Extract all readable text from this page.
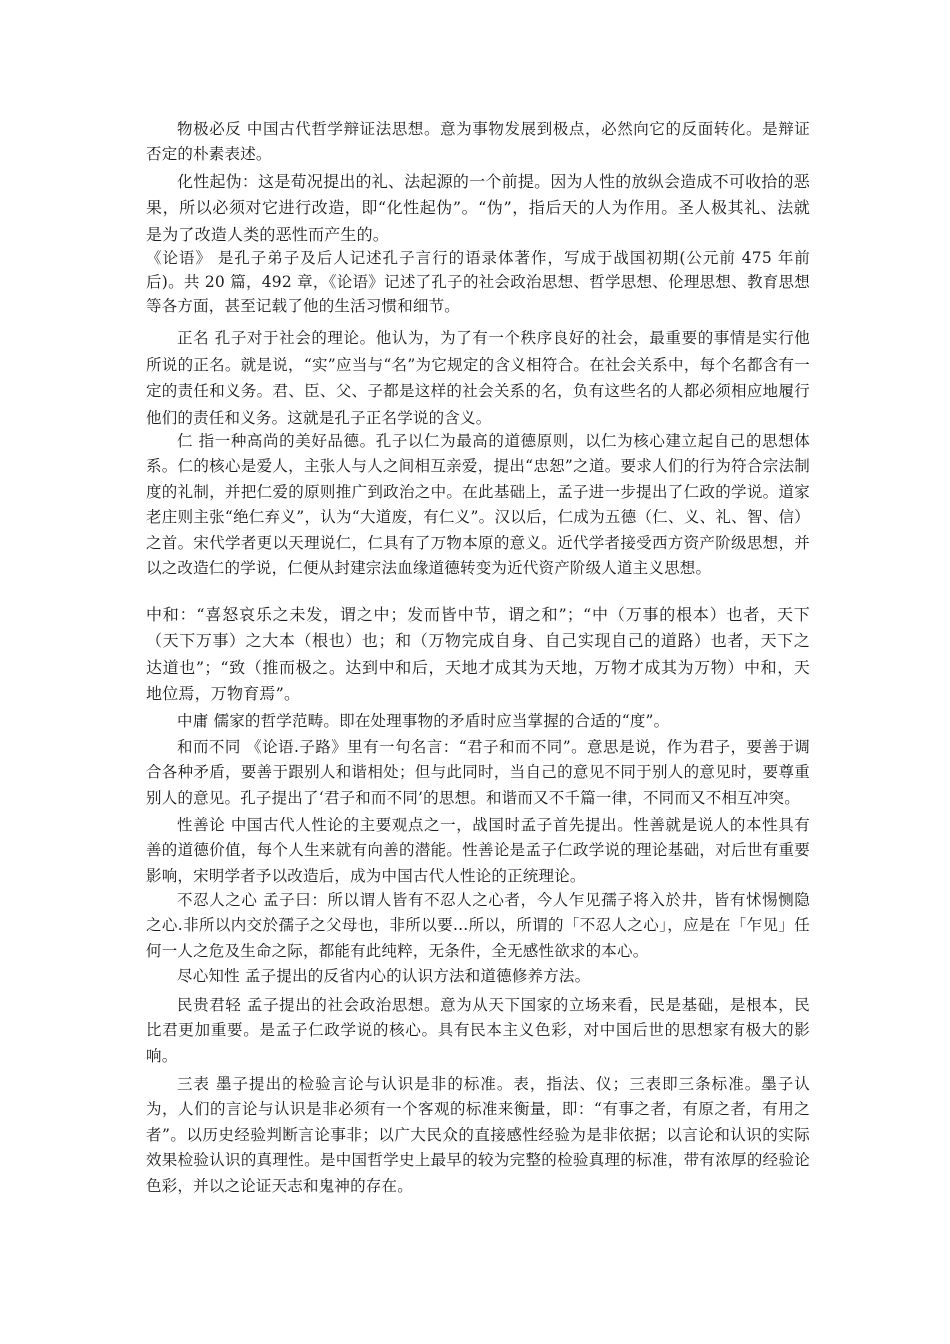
物极必反 中国古代哲学辩证法思想。意为事物发展到极点，必然向它的反面转化。是辩证否定的朴素表述。

化性起伪：这是荀况提出的礼、法起源的一个前提。因为人性的放纵会造成不可收拾的恶果，所以必须对它进行改造，即“化性起伪”。“伪”，指后天的人为作用。圣人极其礼、法就是为了改造人类的恶性而产生的。

《论语》 是孔子弟子及后人记述孔子言行的语录体著作，写成于战国初期(公元前 475 年前后)。共 20 篇，492 章，《论语》记述了孔子的社会政治思想、哲学思想、伦理思想、教育思想等各方面，甚至记载了他的生活习惯和细节。

正名 孔子对于社会的理论。他认为，为了有一个秩序良好的社会，最重要的事情是实行他所说的正名。就是说，“实”应当与“名”为它规定的含义相符合。在社会关系中，每个名都含有一定的责任和义务。君、臣、父、子都是这样的社会关系的名，负有这些名的人都必须相应地履行他们的责任和义务。这就是孔子正名学说的含义。

仁 指一种高尚的美好品德。孔子以仁为最高的道德原则，以仁为核心建立起自己的思想体系。仁的核心是爱人，主张人与人之间相互亲爱，提出“忠恕”之道。要求人们的行为符合宗法制度的礼制，并把仁爱的原则推广到政治之中。在此基础上，孟子进一步提出了仁政的学说。道家老庄则主张“绝仁弃义”，认为“大道废，有仁义”。汉以后，仁成为五德（仁、义、礼、智、信）之首。宋代学者更以天理说仁，仁具有了万物本原的意义。近代学者接受西方资产阶级思想，并以之改造仁的学说，仁便从封建宗法血缘道德转变为近代资产阶级人道主义思想。

中和：“喜怒哀乐之未发，谓之中；发而皆中节，谓之和”；“中（万事的根本）也者，天下（天下万事）之大本（根也）也；和（万物完成自身、自己实现自己的道路）也者，天下之达道也”；“致（推而极之。达到中和后，天地才成其为天地，万物才成其为万物）中和，天地位焉，万物育焉”。

中庸 儒家的哲学范畴。即在处理事物的矛盾时应当掌握的合适的“度”。

和而不同 《论语.子路》里有一句名言：“君子和而不同”。意思是说，作为君子，要善于调合各种矛盾，要善于跟别人和谐相处；但与此同时，当自己的意见不同于别人的意见时，要尊重别人的意见。孔子提出了‘君子和而不同’的思想。和谐而又不千篇一律，不同而又不相互冲突。

性善论 中国古代人性论的主要观点之一，战国时孟子首先提出。性善就是说人的本性具有善的道德价值，每个人生来就有向善的潜能。性善论是孟子仁政学说的理论基础，对后世有重要影响，宋明学者予以改造后，成为中国古代人性论的正统理论。

不忍人之心 孟子曰：所以谓人皆有不忍人之心者，今人乍见孺子将入於井，皆有怵惕恻隐之心.非所以内交於孺子之父母也，非所以要...所以，所谓的「不忍人之心」，应是在「乍见」任何一人之危及生命之际，都能有此纯粹，无条件，全无感性欲求的本心。

尽心知性 孟子提出的反省内心的认识方法和道德修养方法。

民贵君轻 孟子提出的社会政治思想。意为从天下国家的立场来看，民是基础，是根本，民比君更加重要。是孟子仁政学说的核心。具有民本主义色彩，对中国后世的思想家有极大的影响。

三表 墨子提出的检验言论与认识是非的标准。表，指法、仪；三表即三条标准。墨子认为，人们的言论与认识是非必须有一个客观的标准来衡量，即：“有事之者，有原之者，有用之者”。以历史经验判断言论事非；以广大民众的直接感性经验为是非依据；以言论和认识的实际效果检验认识的真理性。是中国哲学史上最早的较为完整的检验真理的标准，带有浓厚的经验论色彩，并以之论证天志和鬼神的存在。
